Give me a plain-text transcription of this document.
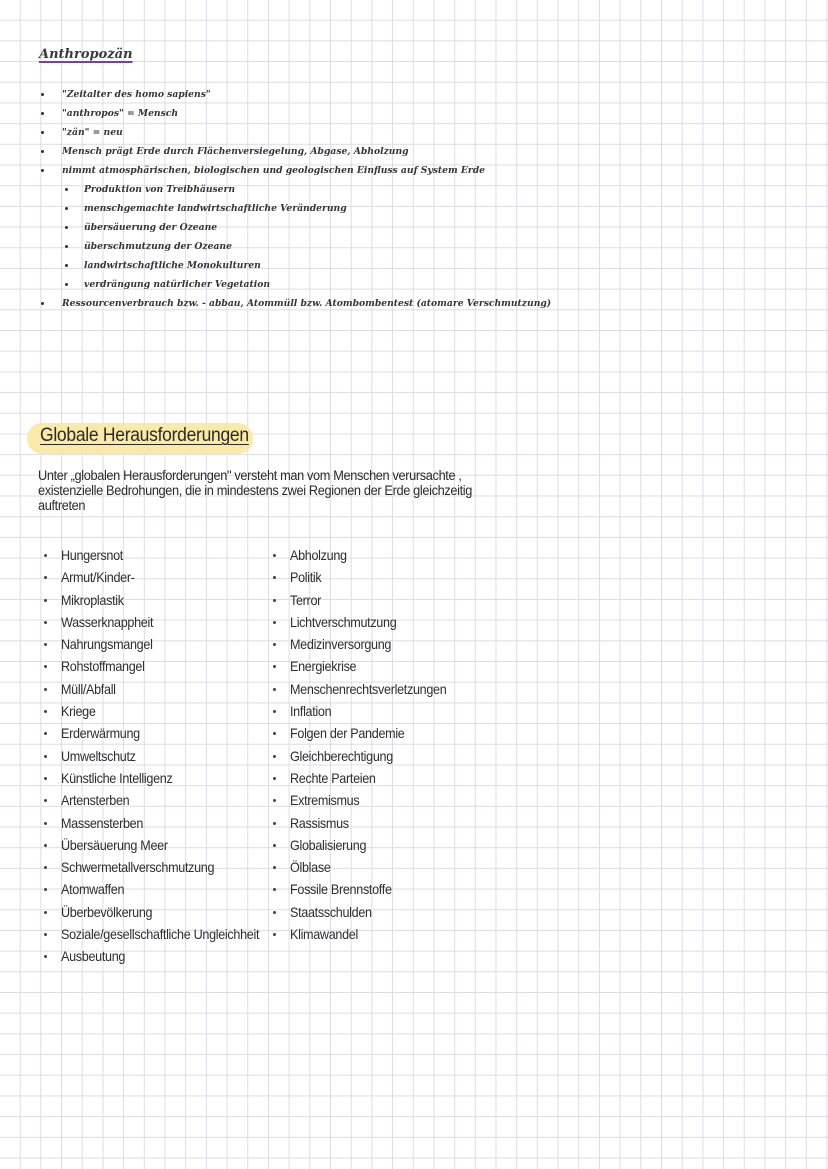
Anthropozän
"Zeitalter des homo sapiens"
"anthropos" = Mensch
"zän" = neu
Mensch prägt Erde durch Flächenversiegelung, Abgase, Abholzung
nimmt atmosphärischen, biologischen und geologischen Einfluss auf System Erde
Produktion von Treibhäusern
menschgemachte landwirtschaftliche Veränderung
übersäuerung der Ozeane
überschmutzung der Ozeane
landwirtschaftliche Monokulturen
verdrängung natürlicher Vegetation
Ressourcenverbrauch bzw. - abbau, Atommüll bzw. Atombombentest (atomare Verschmutzung)
Globale Herausforderungen
Unter „globalen Herausforderungen" versteht man vom Menschen verursachte , existenzielle Bedrohungen, die in mindestens zwei Regionen der Erde gleichzeitig auftreten
Hungersnot
Armut/Kinder-
Mikroplastik
Wasserknappheit
Nahrungsmangel
Rohstoffmangel
Müll/Abfall
Kriege
Erderwärmung
Umweltschutz
Künstliche Intelligenz
Artensterben
Massensterben
Übersäuerung Meer
Schwermetallverschmutzung
Atomwaffen
Überbevölkerung
Soziale/gesellschaftliche Ungleichheit
Ausbeutung
Abholzung
Politik
Terror
Lichtverschmutzung
Medizinversorgung
Energiekrise
Menschenrechtsverletzungen
Inflation
Folgen der Pandemie
Gleichberechtigung
Rechte Parteien
Extremismus
Rassismus
Globalisierung
Ölblase
Fossile Brennstoffe
Staatsschulden
Klimawandel
